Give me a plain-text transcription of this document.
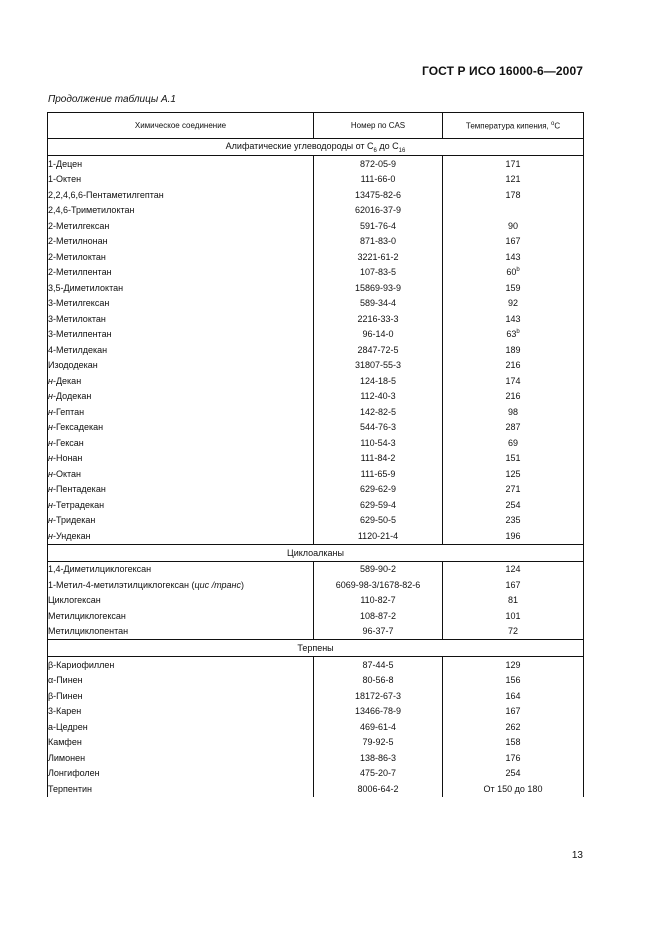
ГОСТ Р ИСО 16000-6—2007
Продолжение таблицы А.1
Химическое соединение	Номер по CAS	Температура кипения, $^o$С
Алифатические углеводороды от $С_6$ до $С_{16}$
1-Децен	872-05-9	171
1-Октен	111-66-0	121
2,2,4,6,6-Пентаметилгептан	13475-82-6	178
2,4,6-Триметилоктан	62016-37-9	
2-Метилгексан	591-76-4	90
2-Метилнонан	871-83-0	167
2-Метилоктан	3221-61-2	143
2-Метилпентан	107-83-5	60$^b$
3,5-Диметилоктан	15869-93-9	159
3-Метилгексан	589-34-4	92
3-Метилоктан	2216-33-3	143
3-Метилпентан	96-14-0	63$^b$
4-Метилдекан	2847-72-5	189
Изододекан	31807-55-3	216
н-Декан	124-18-5	174
н-Додекан	112-40-3	216
н-Гептан	142-82-5	98
н-Гексадекан	544-76-3	287
н-Гексан	110-54-3	69
н-Нонан	111-84-2	151
н-Октан	111-65-9	125
н-Пентадекан	629-62-9	271
н-Тетрадекан	629-59-4	254
н-Тридекан	629-50-5	235
н-Ундекан	1120-21-4	196
Циклоалканы		
1,4-Диметилциклогексан	589-90-2	124
1-Метил-4-метилэтилциклогексан (цис /транс)	6069-98-3/1678-82-6	167
Циклогексан	110-82-7	81
Метилциклогексан	108-87-2	101
Метилциклопентан	96-37-7	72
Терпены		
β-Кариофиллен	87-44-5	129
α-Пинен	80-56-8	156
β-Пинен	18172-67-3	164
3-Карен	13466-78-9	167
а-Цедрен	469-61-4	262
Камфен	79-92-5	158
Лимонен	138-86-3	176
Лонгифолен	475-20-7	254
Терпентин	8006-64-2	От 150 до 180
13
